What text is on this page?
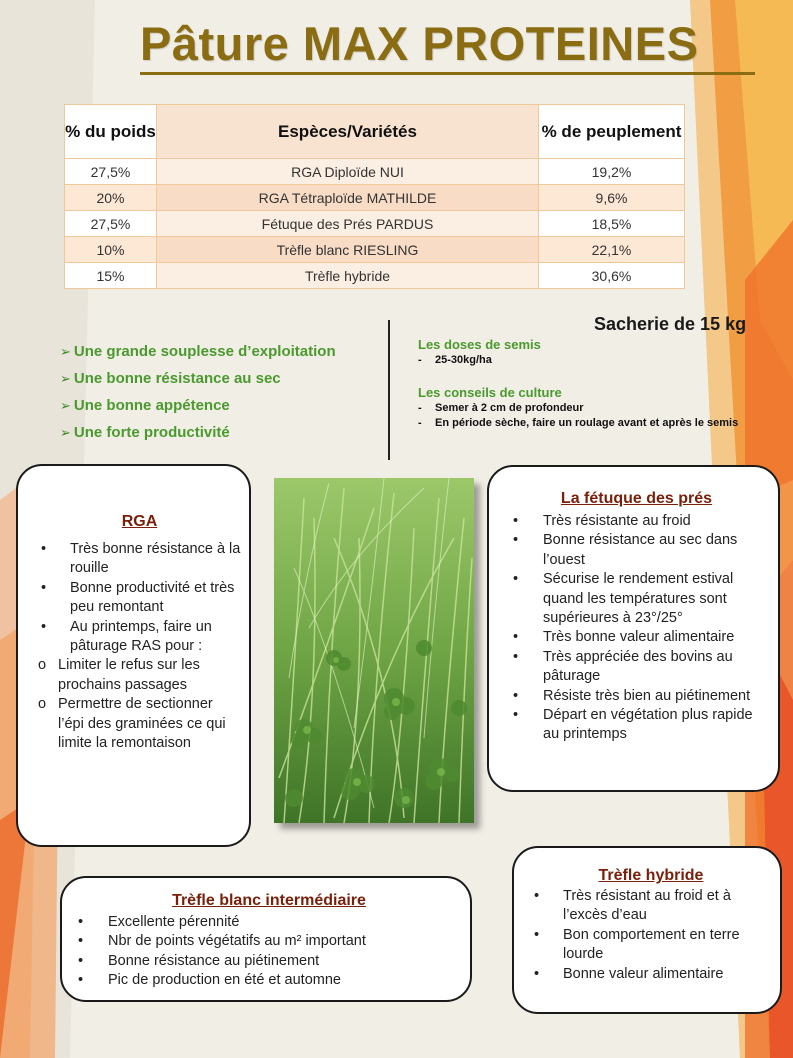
Pâture MAX PROTEINES
% du poids	Espèces/Variétés	% de peuplement
27,5%	RGA Diploïde NUI	19,2%
20%	RGA Tétraploïde MATHILDE	9,6%
27,5%	Fétuque des Prés PARDUS	18,5%
10%	Trèfle blanc RIESLING	22,1%
15%	Trèfle hybride	30,6%
Sacherie de 15 kg
➢ Une grande souplesse d’exploitation
➢ Une bonne résistance au sec
➢ Une bonne appétence
➢ Une forte productivité
Les doses de semis
- 25-30kg/ha
Les conseils de culture
- Semer à 2 cm de profondeur
- En période sèche, faire un roulage avant et après le semis
RGA
• Très bonne résistance à la rouille
• Bonne productivité et très peu remontant
• Au printemps, faire un pâturage RAS pour :
o Limiter le refus sur les prochains passages
o Permettre de sectionner l’épi des graminées ce qui limite la remontaison
La fétuque des prés
• Très résistante au froid
• Bonne résistance au sec dans l’ouest
• Sécurise le rendement estival quand les températures sont supérieures à 23°/25°
• Très bonne valeur alimentaire
• Très appréciée des bovins au pâturage
• Résiste très bien au piétinement
• Départ en végétation plus rapide au printemps
Trèfle blanc intermédiaire
• Excellente pérennité
• Nbr de points végétatifs au m² important
• Bonne résistance au piétinement
• Pic de production en été et automne
Trèfle hybride
• Très résistant au froid et à l’excès d’eau
• Bon comportement en terre lourde
• Bonne valeur alimentaire
